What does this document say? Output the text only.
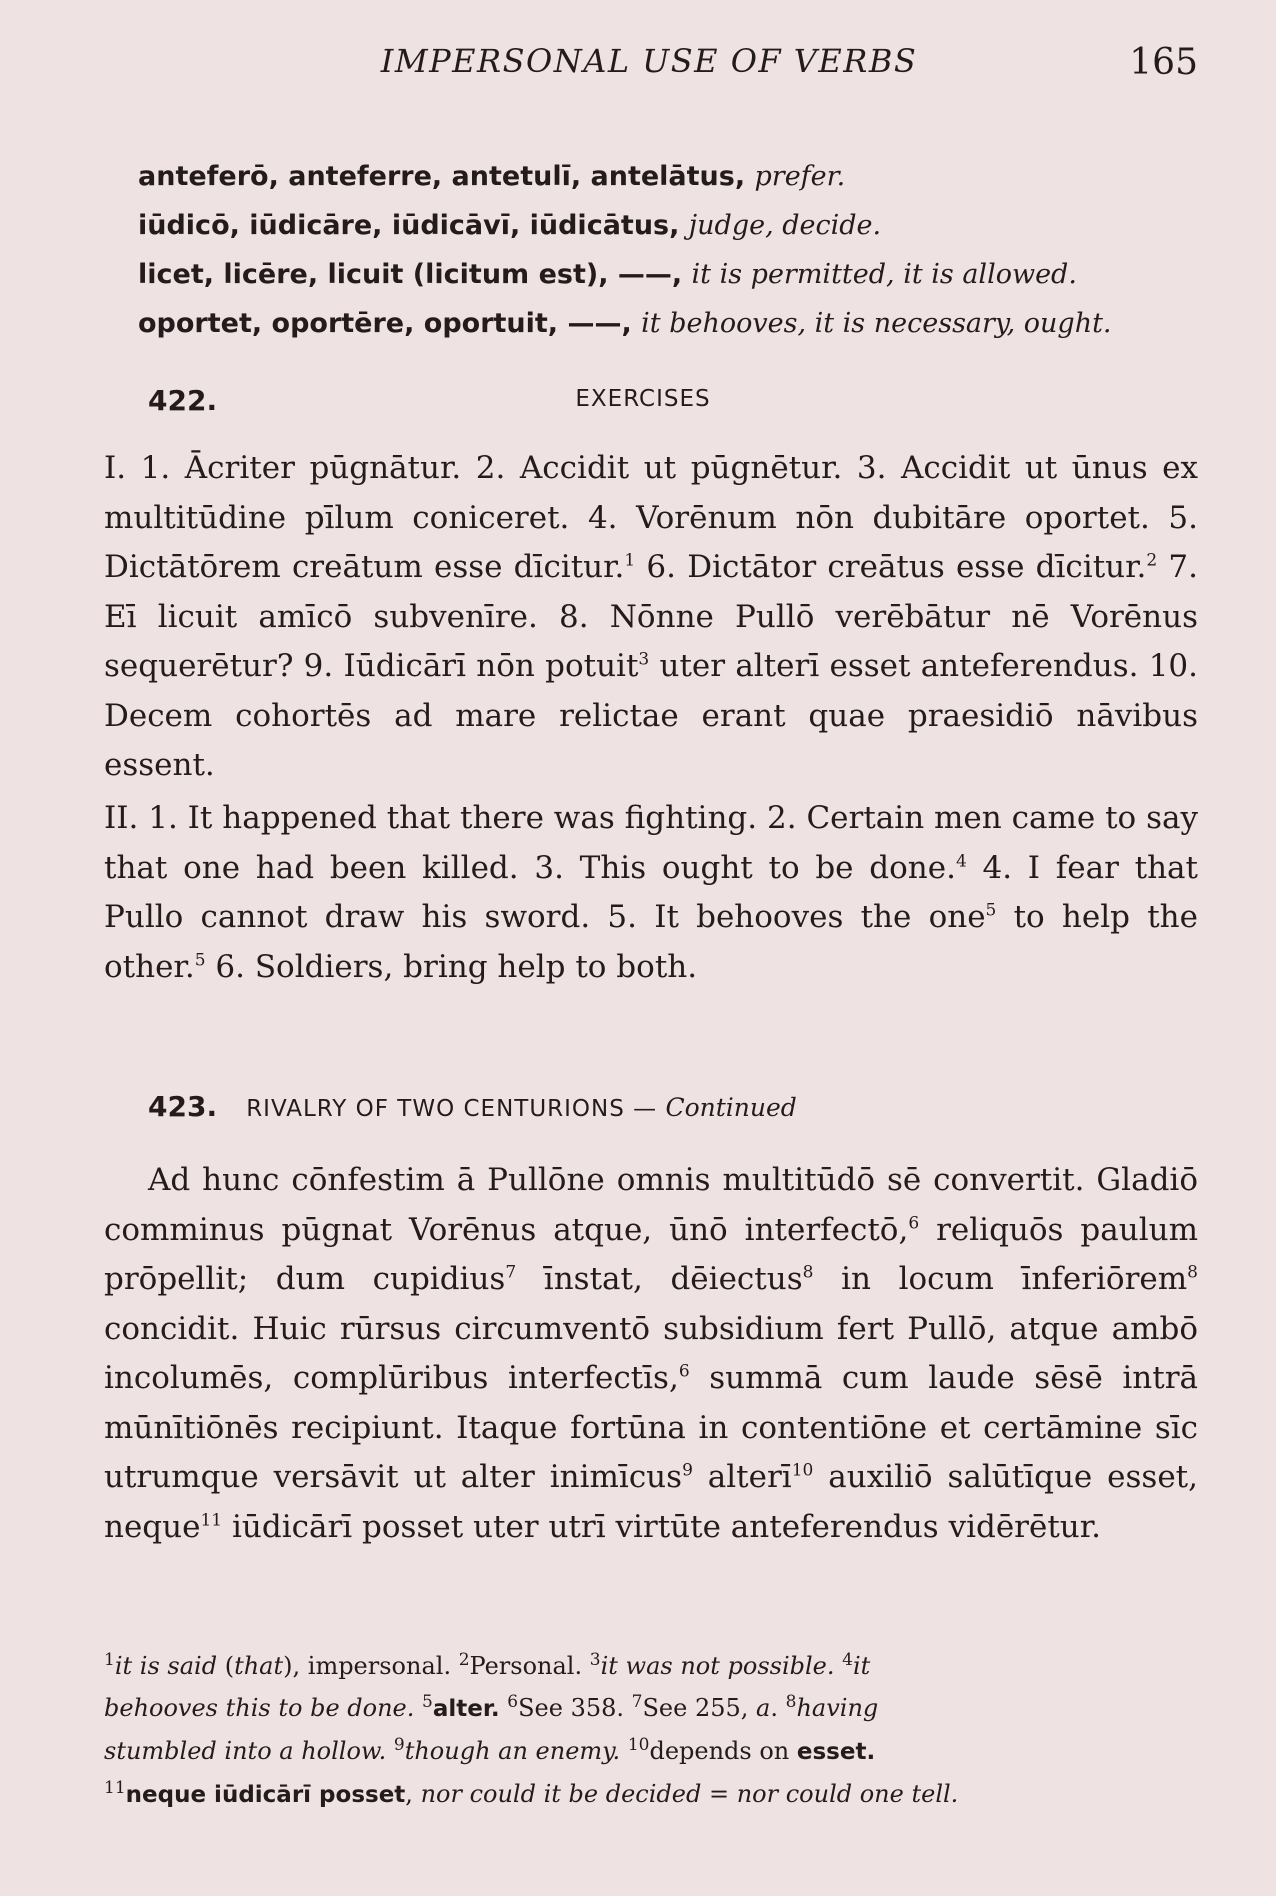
IMPERSONAL USE OF VERBS	165
anteferō, anteferre, antetulī, antelātus, prefer.
iūdicō, iūdicāre, iūdicāvī, iūdicātus, judge, decide.
licet, licēre, licuit (licitum est), ——, it is permitted, it is allowed.
oportet, oportēre, oportuit, ——, it behooves, it is necessary, ought.
422.	EXERCISES

I. 1. Ācriter pūgnātur. 2. Accidit ut pūgnētur. 3. Accidit ut ūnus ex multitūdine pīlum coniceret. 4. Vorēnum nōn dubitāre oportet. 5. Dictātōrem creātum esse dīcitur.$^1$ 6. Dictātor creātus esse dīcitur.$^2$ 7. Eī licuit amīcō subvenīre. 8. Nōnne Pullō verēbātur nē Vorēnus sequerētur? 9. Iūdicārī nōn potuit$^3$ uter alterī esset anteferendus. 10. Decem cohortēs ad mare relictae erant quae praesidiō nāvibus essent.

II. 1. It happened that there was fighting. 2. Certain men came to say that one had been killed. 3. This ought to be done.$^4$ 4. I fear that Pullo cannot draw his sword. 5. It behooves the one$^5$ to help the other.$^5$ 6. Soldiers, bring help to both.

423. RIVALRY OF TWO CENTURIONS — Continued

Ad hunc cōnfestim ā Pullōne omnis multitūdō sē convertit. Gladiō comminus pūgnat Vorēnus atque, ūnō interfectō,$^6$ reliquōs paulum prōpellit; dum cupidius$^7$ īnstat, dēiectus$^8$ in locum īnferiōrem$^8$ concidit. Huic rūrsus circumventō subsidium fert Pullō, atque ambō incolumēs, complūribus interfectīs,$^6$ summā cum laude sēsē intrā mūnītiōnēs recipiunt. Itaque fortūna in contentiōne et certāmine sīc utrumque versāvit ut alter inimīcus$^9$ alterī$^{10}$ auxiliō salūtīque esset, neque$^{11}$ iūdicārī posset uter utrī virtūte anteferendus vidērētur.

$^1$it is said (that), impersonal. $^2$Personal. $^3$it was not possible. $^4$it
behooves this to be done. $^5$alter. $^6$See 358. $^7$See 255, a. $^8$having
stumbled into a hollow. $^9$though an enemy. $^{10}$depends on esset.
$^{11}$neque iūdicārī posset, nor could it be decided = nor could one tell.
